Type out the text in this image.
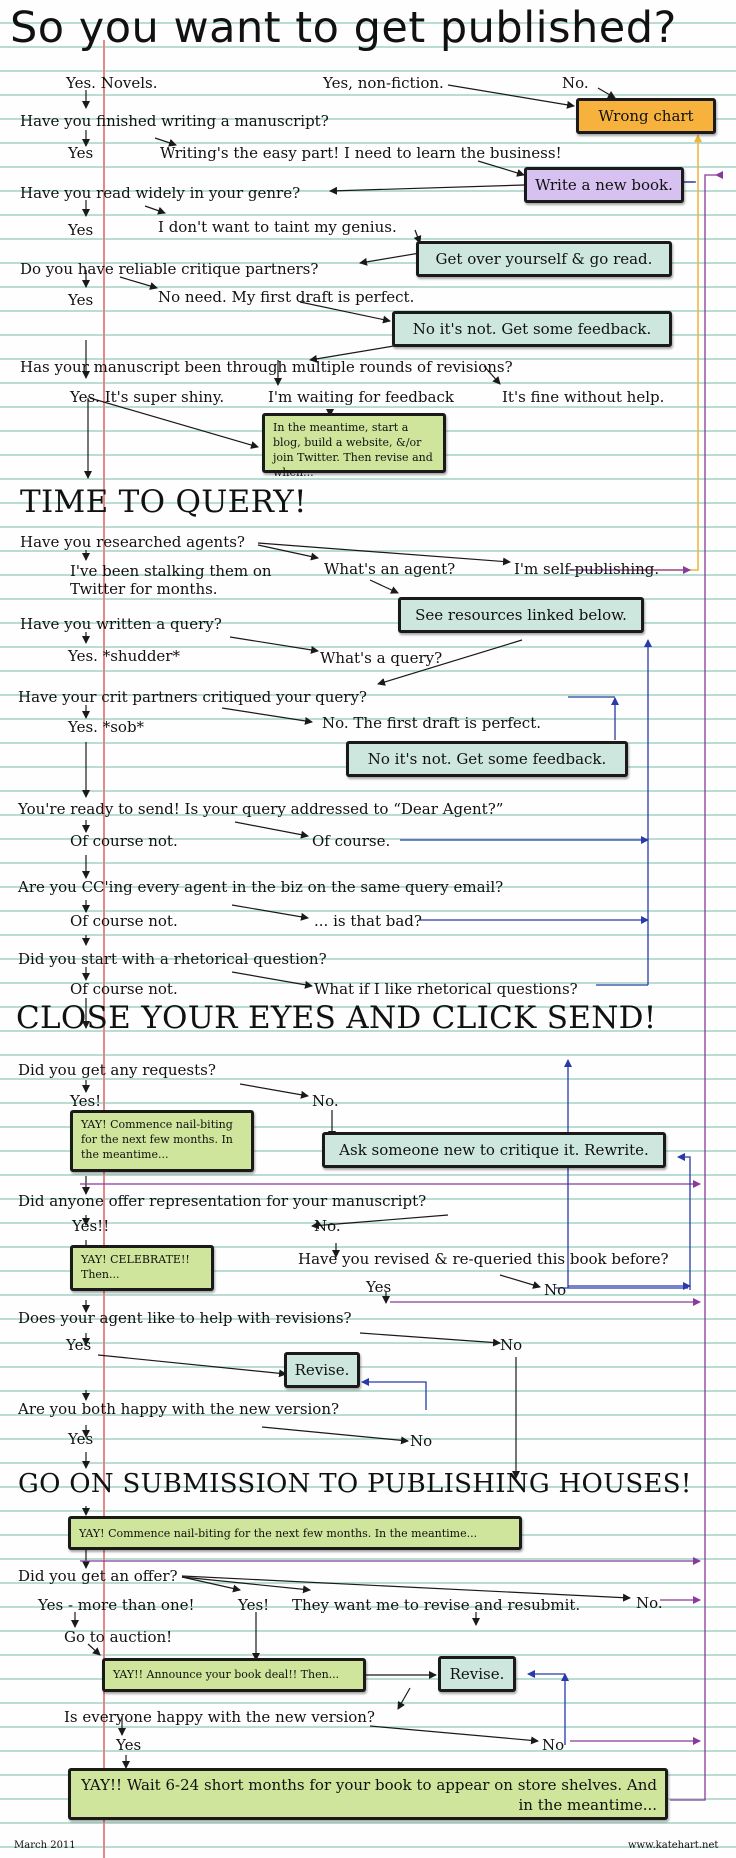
So you want to get published?
Yes. Novels.	Yes, non-fiction.	No.
Wrong chart
Have you finished writing a manuscript?
Yes	Writing's the easy part! I need to learn the business!
Write a new book.
Have you read widely in your genre?
Yes	I don't want to taint my genius.
Get over yourself & go read.
Do you have reliable critique partners?
Yes	No need. My first draft is perfect.
No it's not. Get some feedback.
Has your manuscript been through multiple rounds of revisions?
Yes. It's super shiny.	I'm waiting for feedback	It's fine without help.
In the meantime, start a blog, build a website, &/or join Twitter. Then revise and when...
TIME TO QUERY!
Have you researched agents?
I've been stalking them on Twitter for months.
What's an agent?	I'm self-publishing.
See resources linked below.
Have you written a query?
Yes. *shudder*	What's a query?
Have your crit partners critiqued your query?
Yes. *sob*	No. The first draft is perfect.
No it's not. Get some feedback.
You're ready to send! Is your query addressed to “Dear Agent?”
Of course not.	Of course.
Are you CC'ing every agent in the biz on the same query email?
Of course not.	... is that bad?
Did you start with a rhetorical question?
Of course not.	What if I like rhetorical questions?
CLOSE YOUR EYES AND CLICK SEND!
Did you get any requests?
Yes!	No.
YAY! Commence nail-biting for the next few months. In the meantime...	Ask someone new to critique it. Rewrite.
Did anyone offer representation for your manuscript?
Yes!!	No.
YAY! CELEBRATE!! Then...
Have you revised & re-queried this book before?
Yes	No
Does your agent like to help with revisions?
Yes	No
Revise.
Are you both happy with the new version?
Yes	No
GO ON SUBMISSION TO PUBLISHING HOUSES!
YAY! Commence nail-biting for the next few months. In the meantime...
Did you get an offer?
Yes - more than one!	Yes! They want me to revise and resubmit.	No.
Go to auction!
YAY!! Announce your book deal!! Then...	Revise.
Is everyone happy with the new version?
Yes	No
YAY!! Wait 6-24 short months for your book to appear on store shelves. And in the meantime...
March 2011	www.katehart.net
